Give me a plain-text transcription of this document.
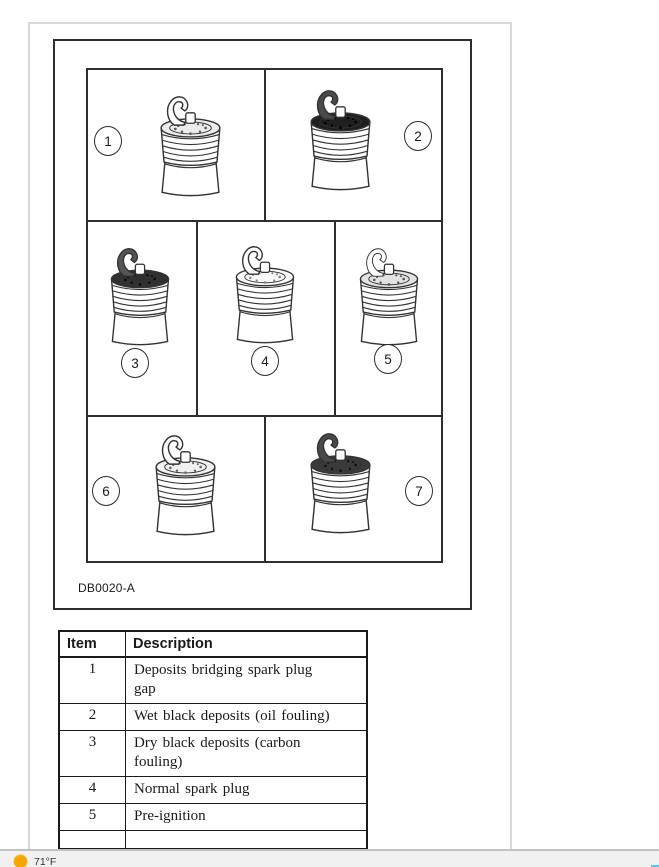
1	2
3	4	5
6	7
DB0020-A
Item	Description
1	Deposits bridging spark plug gap
2	Wet black deposits (oil fouling)
3	Dry black deposits (carbon fouling)
4	Normal spark plug
5	Pre-ignition

71°F
